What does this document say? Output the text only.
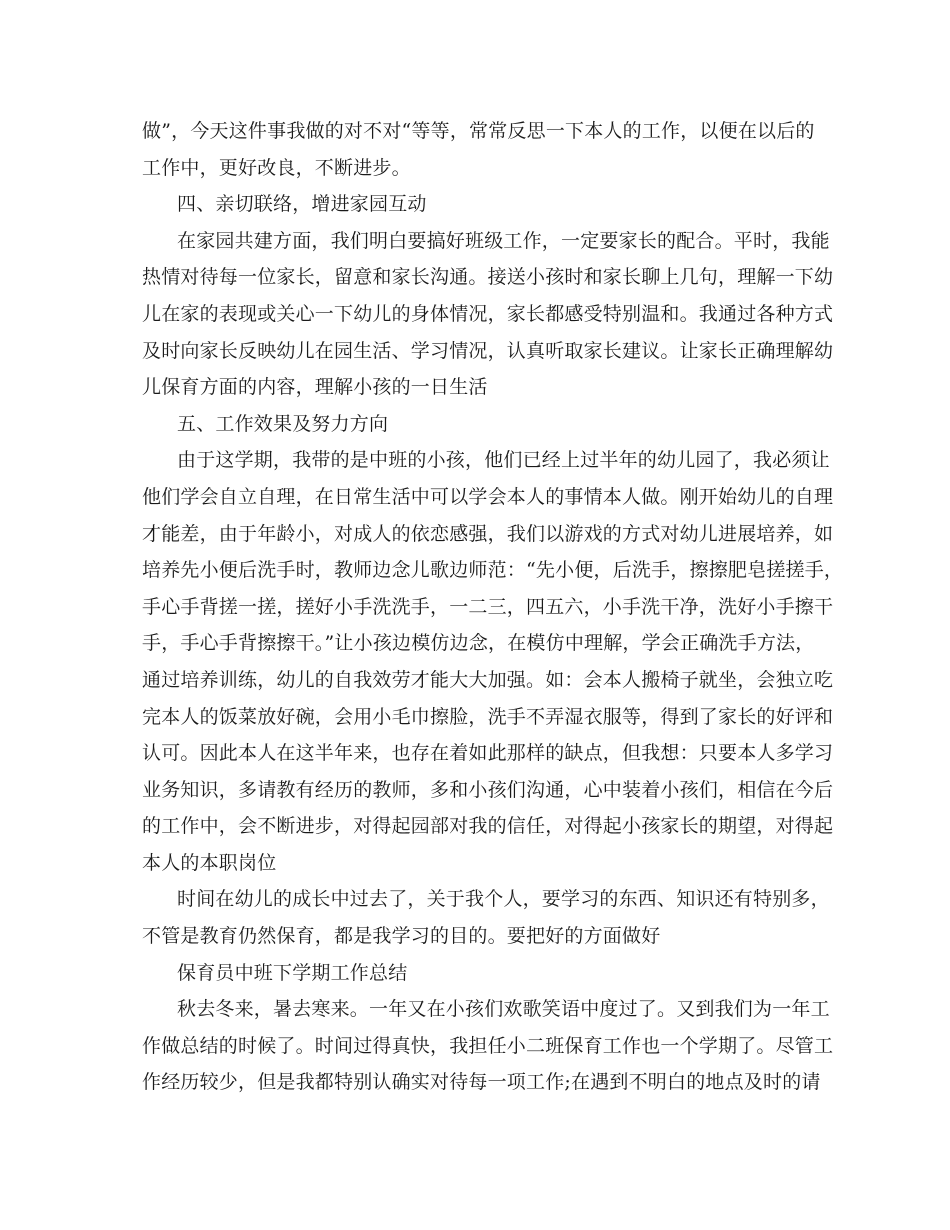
做”，今天这件事我做的对不对“等等，常常反思一下本人的工作，以便在以后的
工作中，更好改良，不断进步。
四、亲切联络，增进家园互动
在家园共建方面，我们明白要搞好班级工作，一定要家长的配合。平时，我能
热情对待每一位家长，留意和家长沟通。接送小孩时和家长聊上几句，理解一下幼
儿在家的表现或关心一下幼儿的身体情况，家长都感受特别温和。我通过各种方式
及时向家长反映幼儿在园生活、学习情况，认真听取家长建议。让家长正确理解幼
儿保育方面的内容，理解小孩的一日生活
五、工作效果及努力方向
由于这学期，我带的是中班的小孩，他们已经上过半年的幼儿园了，我必须让
他们学会自立自理，在日常生活中可以学会本人的事情本人做。刚开始幼儿的自理
才能差，由于年龄小，对成人的依恋感强，我们以游戏的方式对幼儿进展培养，如
培养先小便后洗手时，教师边念儿歌边师范：“先小便，后洗手，擦擦肥皂搓搓手，
手心手背搓一搓，搓好小手洗洗手，一二三，四五六，小手洗干净，洗好小手擦干
手，手心手背擦擦干。”让小孩边模仿边念，在模仿中理解，学会正确洗手方法，
通过培养训练，幼儿的自我效劳才能大大加强。如：会本人搬椅子就坐，会独立吃
完本人的饭菜放好碗，会用小毛巾擦脸，洗手不弄湿衣服等，得到了家长的好评和
认可。因此本人在这半年来，也存在着如此那样的缺点，但我想：只要本人多学习
业务知识，多请教有经历的教师，多和小孩们沟通，心中装着小孩们，相信在今后
的工作中，会不断进步，对得起园部对我的信任，对得起小孩家长的期望，对得起
本人的本职岗位
时间在幼儿的成长中过去了，关于我个人，要学习的东西、知识还有特别多，
不管是教育仍然保育，都是我学习的目的。要把好的方面做好
保育员中班下学期工作总结
秋去冬来，暑去寒来。一年又在小孩们欢歌笑语中度过了。又到我们为一年工
作做总结的时候了。时间过得真快，我担任小二班保育工作也一个学期了。尽管工
作经历较少，但是我都特别认确实对待每一项工作;在遇到不明白的地点及时的请
